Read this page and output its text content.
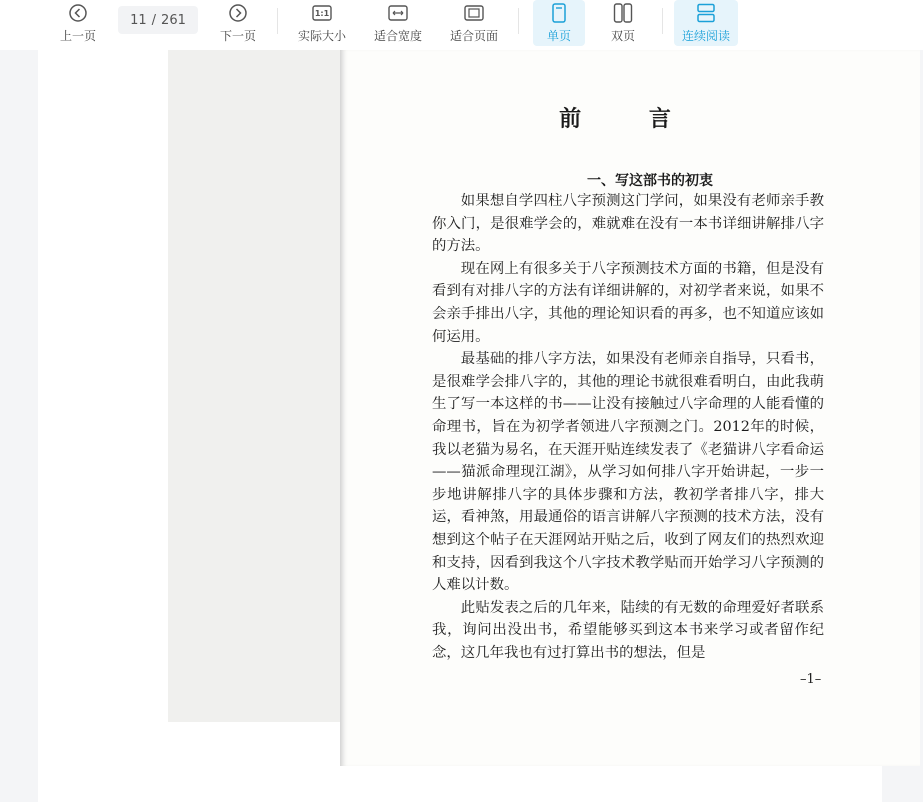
上一页
11 / 261
下一页
1:1
实际大小 适合宽度 适合页面	单页	双页	连续阅读
前 言
一、写这部书的初衷

如果想自学四柱八字预测这门学问，如果没有老师亲手教你入门，是很难学会的，难就难在没有一本书详细讲解排八字的方法。

现在网上有很多关于八字预测技术方面的书籍，但是没有看到有对排八字的方法有详细讲解的，对初学者来说，如果不会亲手排出八字，其他的理论知识看的再多，也不知道应该如何运用。

最基础的排八字方法，如果没有老师亲自指导，只看书，是很难学会排八字的，其他的理论书就很难看明白，由此我萌生了写一本这样的书——让没有接触过八字命理的人能看懂的命理书，旨在为初学者领进八字预测之门。2012年的时候，我以老猫为易名，在天涯开贴连续发表了《老猫讲八字看命运——猫派命理现江湖》，从学习如何排八字开始讲起，一步一步地讲解排八字的具体步骤和方法，教初学者排八字，排大运，看神煞，用最通俗的语言讲解八字预测的技术方法，没有想到这个帖子在天涯网站开贴之后，收到了网友们的热烈欢迎和支持，因看到我这个八字技术教学贴而开始学习八字预测的人难以计数。

此贴发表之后的几年来，陆续的有无数的命理爱好者联系我，询问出没出书，希望能够买到这本书来学习或者留作纪念，这几年我也有过打算出书的想法，但是

–1–
